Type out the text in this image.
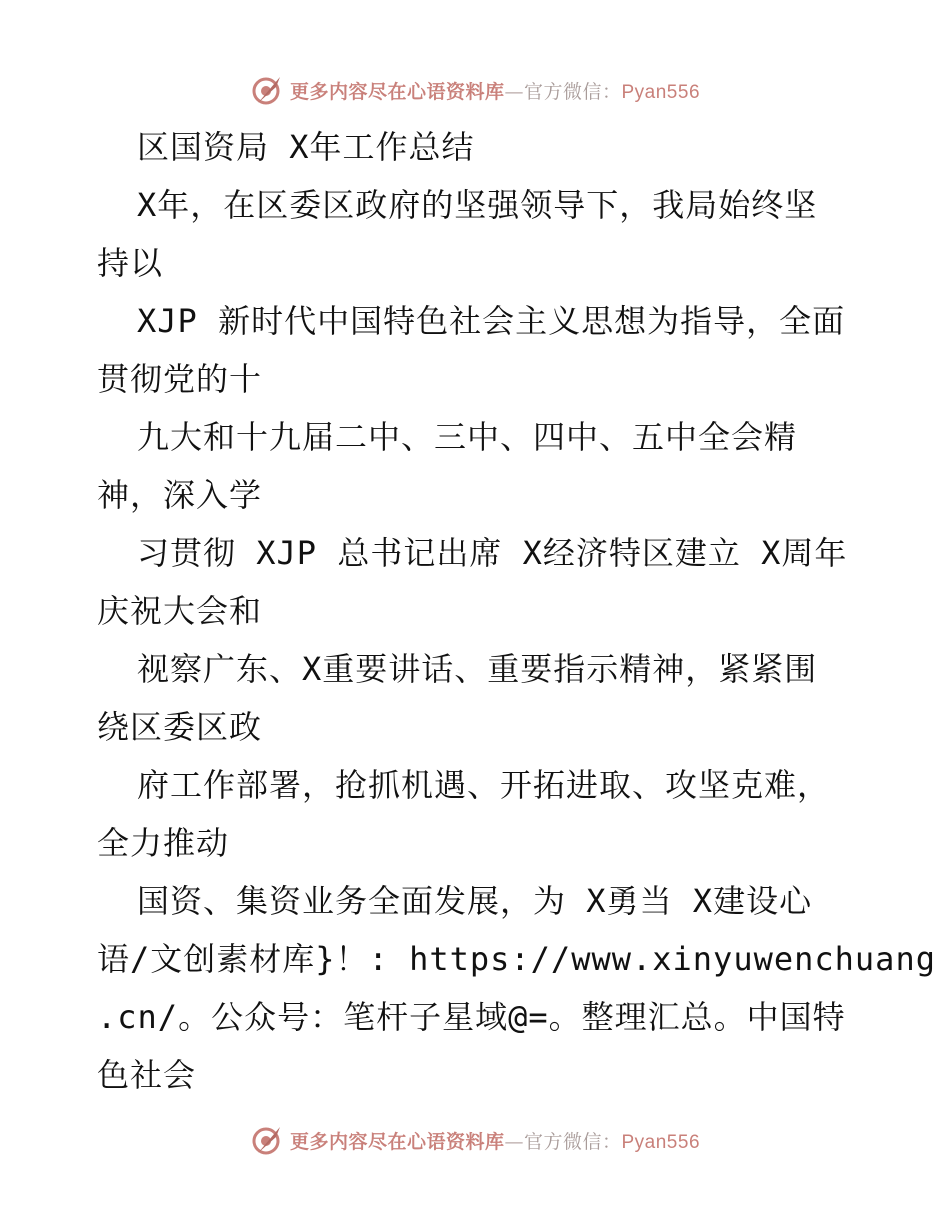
更多内容尽在心语资料库—官方微信：Pyan556
区国资局 X年工作总结
X年，在区委区政府的坚强领导下，我局始终坚
持以
XJP 新时代中国特色社会主义思想为指导，全面
贯彻党的十
九大和十九届二中、三中、四中、五中全会精
神，深入学
习贯彻 XJP 总书记出席 X经济特区建立 X周年
庆祝大会和
视察广东、X重要讲话、重要指示精神，紧紧围
绕区委区政
府工作部署，抢抓机遇、开拓进取、攻坚克难，
全力推动
国资、集资业务全面发展，为 X勇当 X建设心
语/文创素材库}！: https://www.xinyuwenchuang
.cn/。公众号：笔杆子星域@=。整理汇总。中国特
色社会
更多内容尽在心语资料库—官方微信：Pyan556
